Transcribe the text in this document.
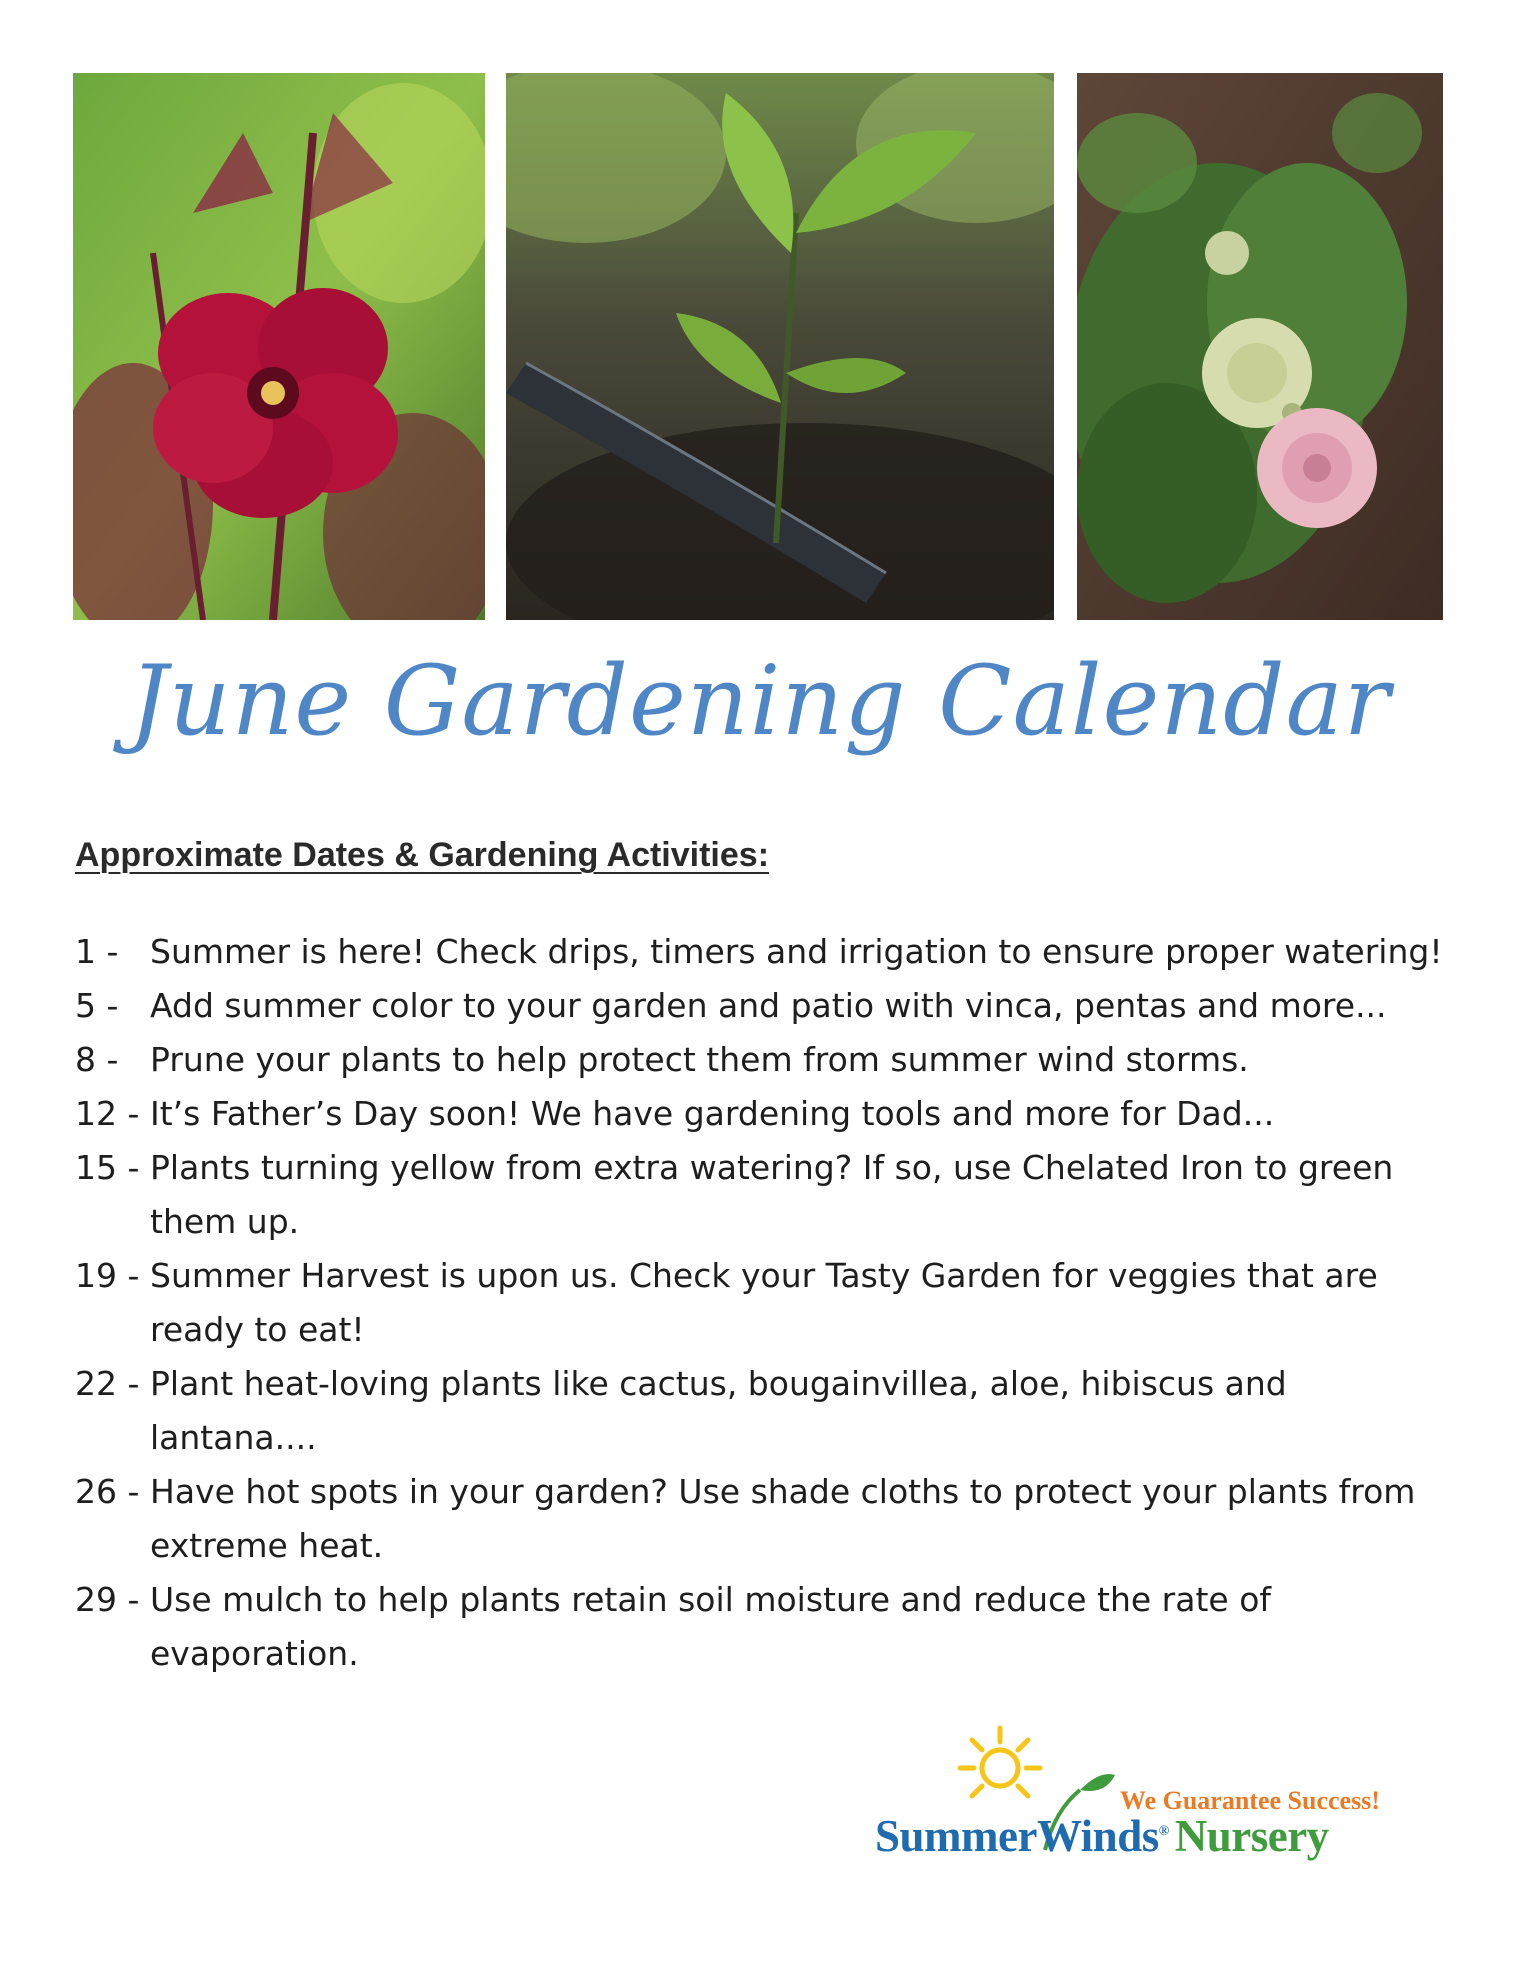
June Gardening Calendar
Approximate Dates & Gardening Activities:
1 - Summer is here! Check drips, timers and irrigation to ensure proper watering!
5 - Add summer color to your garden and patio with vinca, pentas and more...
8 - Prune your plants to help protect them from summer wind storms.
12 - It’s Father’s Day soon! We have gardening tools and more for Dad...
15 - Plants turning yellow from extra watering? If so, use Chelated Iron to green them up.
19 - Summer Harvest is upon us. Check your Tasty Garden for veggies that are ready to eat!
22 - Plant heat-loving plants like cactus, bougainvillea, aloe, hibiscus and lantana....
26 - Have hot spots in your garden? Use shade cloths to protect your plants from extreme heat.
29 - Use mulch to help plants retain soil moisture and reduce the rate of evaporation.
We Guarantee Success!
SummerWinds® Nursery
